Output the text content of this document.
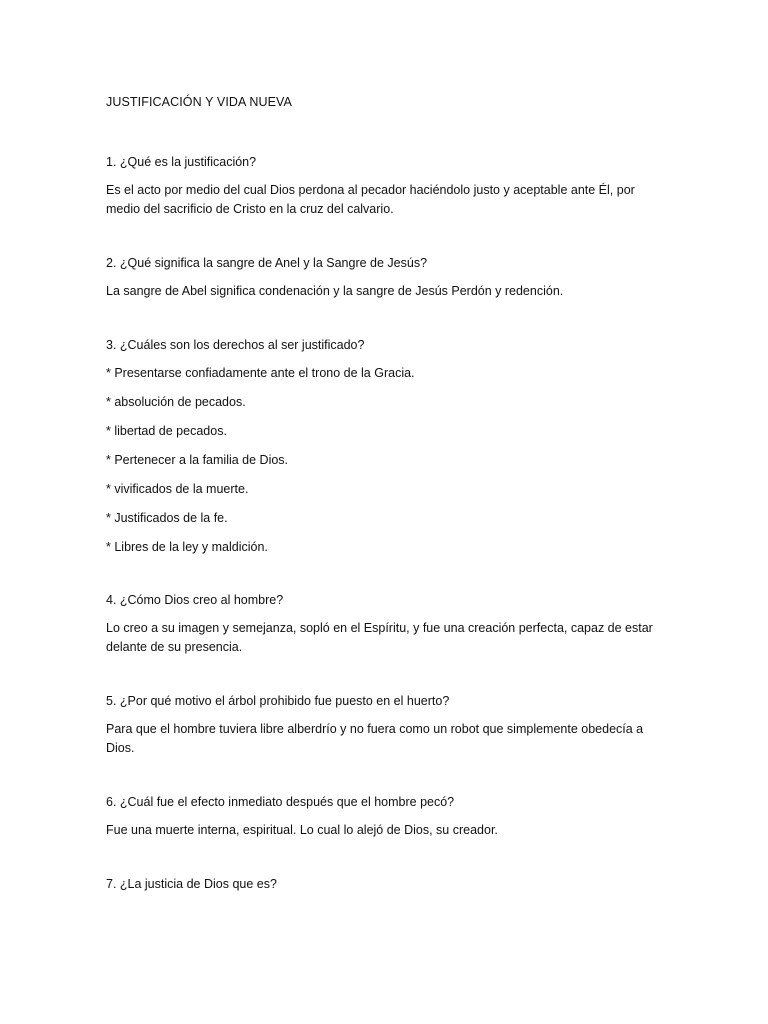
JUSTIFICACIÓN Y VIDA NUEVA

1. ¿Qué es la justificación?

Es el acto por medio del cual Dios perdona al pecador haciéndolo justo y aceptable ante Él, por medio del sacrificio de Cristo en la cruz del calvario.

2. ¿Qué significa la sangre de Anel y la Sangre de Jesús?

La sangre de Abel significa condenación y la sangre de Jesús Perdón y redención.

3. ¿Cuáles son los derechos al ser justificado?

* Presentarse confiadamente ante el trono de la Gracia.

* absolución de pecados.

* libertad de pecados.

* Pertenecer a la familia de Dios.

* vivificados de la muerte.

* Justificados de la fe.

* Libres de la ley y maldición.

4. ¿Cómo Dios creo al hombre?

Lo creo a su imagen y semejanza, sopló en el Espíritu, y fue una creación perfecta, capaz de estar delante de su presencia.

5. ¿Por qué motivo el árbol prohibido fue puesto en el huerto?

Para que el hombre tuviera libre alberdrío y no fuera como un robot que simplemente obedecía a Dios.

6. ¿Cuál fue el efecto inmediato después que el hombre pecó?

Fue una muerte interna, espiritual. Lo cual lo alejó de Dios, su creador.

7. ¿La justicia de Dios que es?
